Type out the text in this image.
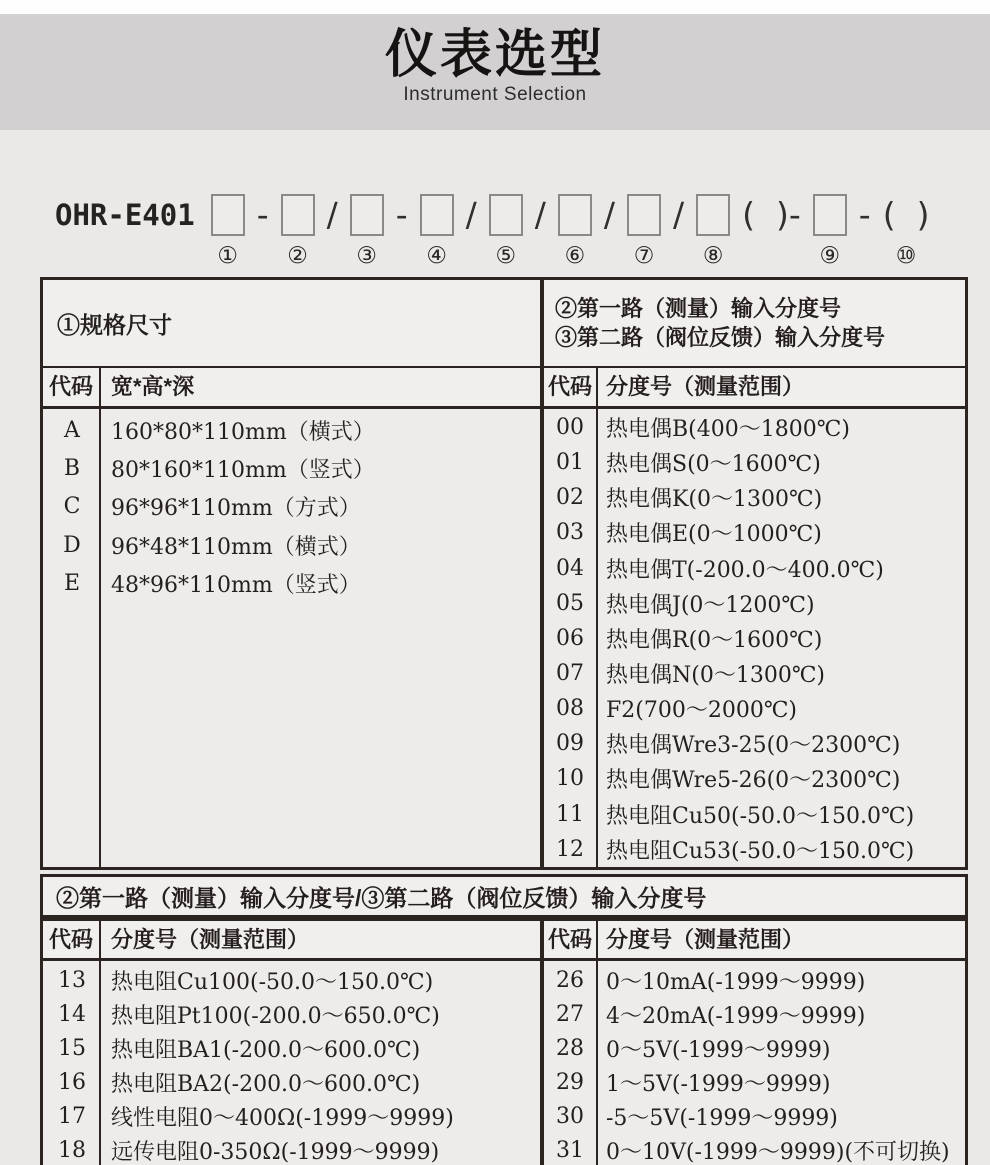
仪表选型
Instrument Selection
OHR-E401
①
-
②
/
③
-
④
/
⑤
/
⑥
/
⑦
/
⑧
(  )-
⑨
- (  )
⑩
①规格尺寸
②第一路（测量）输入分度号
③第二路（阀位反馈）输入分度号
代码 宽*高*深	代码 分度号（测量范围）
A	160*80*110mm（横式）
B	80*160*110mm（竖式）
C	96*96*110mm（方式）
D	96*48*110mm（横式）
E	48*96*110mm（竖式）
00	热电偶B(400～1800℃)
01	热电偶S(0～1600℃)
02	热电偶K(0～1300℃)
03	热电偶E(0～1000℃)
04	热电偶T(-200.0～400.0℃)
05	热电偶J(0～1200℃)
06	热电偶R(0～1600℃)
07	热电偶N(0～1300℃)
08	F2(700～2000℃)
09	热电偶Wre3-25(0～2300℃)
10	热电偶Wre5-26(0～2300℃)
11	热电阻Cu50(-50.0～150.0℃)
12	热电阻Cu53(-50.0～150.0℃)
②第一路（测量）输入分度号/③第二路（阀位反馈）输入分度号
代码 分度号（测量范围）	代码 分度号（测量范围）
13	热电阻Cu100(-50.0～150.0℃)
14	热电阻Pt100(-200.0～650.0℃)
15	热电阻BA1(-200.0～600.0℃)
16	热电阻BA2(-200.0～600.0℃)
17	线性电阻0～400Ω(-1999～9999)
18	远传电阻0-350Ω(-1999～9999)
26	0～10mA(-1999～9999)
27	4～20mA(-1999～9999)
28	0～5V(-1999～9999)
29	1～5V(-1999～9999)
30	-5～5V(-1999～9999)
31	0～10V(-1999～9999)(不可切换)
